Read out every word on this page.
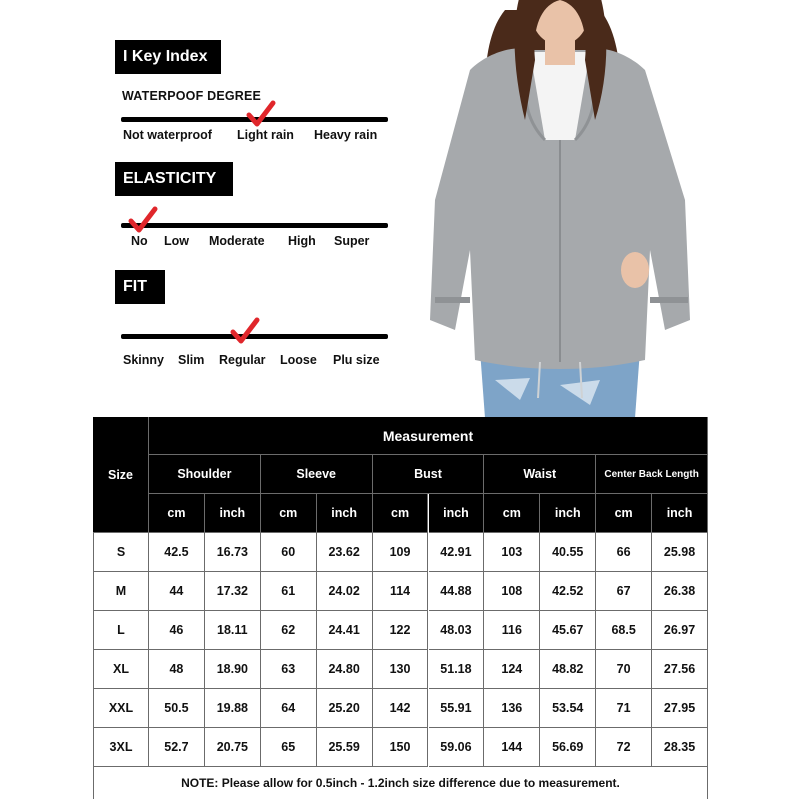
I Key Index
WATERPOOF DEGREE
Not waterproof Light rain Heavy rain
ELASTICITY
No Low Moderate High Super
FIT
Skinny Slim Regular Loose Plu size
Size
Measurement
Shoulder	Sleeve	Bust	Waist	Center Back Length
cm	inch	cm	inch	cm	inch	cm	inch	cm	inch
S	42.5	16.73	60	23.62	109	42.91	103	40.55	66	25.98
M	44	17.32	61	24.02	114	44.88	108	42.52	67	26.38
L	46	18.11	62	24.41	122	48.03	116	45.67	68.5	26.97
XL	48	18.90	63	24.80	130	51.18	124	48.82	70	27.56
XXL	50.5	19.88	64	25.20	142	55.91	136	53.54	71	27.95
3XL	52.7	20.75	65	25.59	150	59.06	144	56.69	72	28.35
NOTE: Please allow for 0.5inch - 1.2inch size difference due to measurement.
